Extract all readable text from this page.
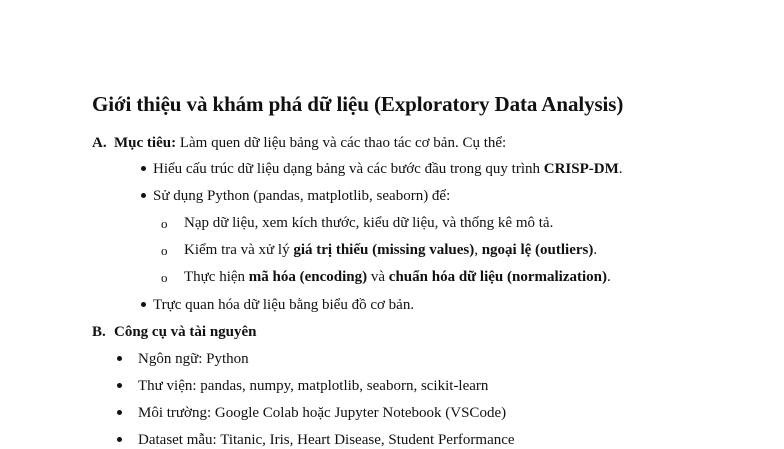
Giới thiệu và khám phá dữ liệu (Exploratory Data Analysis)
A. Mục tiêu: Làm quen dữ liệu bảng và các thao tác cơ bản. Cụ thể:
Hiểu cấu trúc dữ liệu dạng bảng và các bước đầu trong quy trình CRISP-DM.
Sử dụng Python (pandas, matplotlib, seaborn) để:
o Nạp dữ liệu, xem kích thước, kiểu dữ liệu, và thống kê mô tả.
o Kiểm tra và xử lý giá trị thiếu (missing values), ngoại lệ (outliers).
o Thực hiện mã hóa (encoding) và chuẩn hóa dữ liệu (normalization).
Trực quan hóa dữ liệu bằng biểu đồ cơ bản.
B. Công cụ và tài nguyên
Ngôn ngữ: Python
Thư viện: pandas, numpy, matplotlib, seaborn, scikit-learn
Môi trường: Google Colab hoặc Jupyter Notebook (VSCode)
Dataset mẫu: Titanic, Iris, Heart Disease, Student Performance
